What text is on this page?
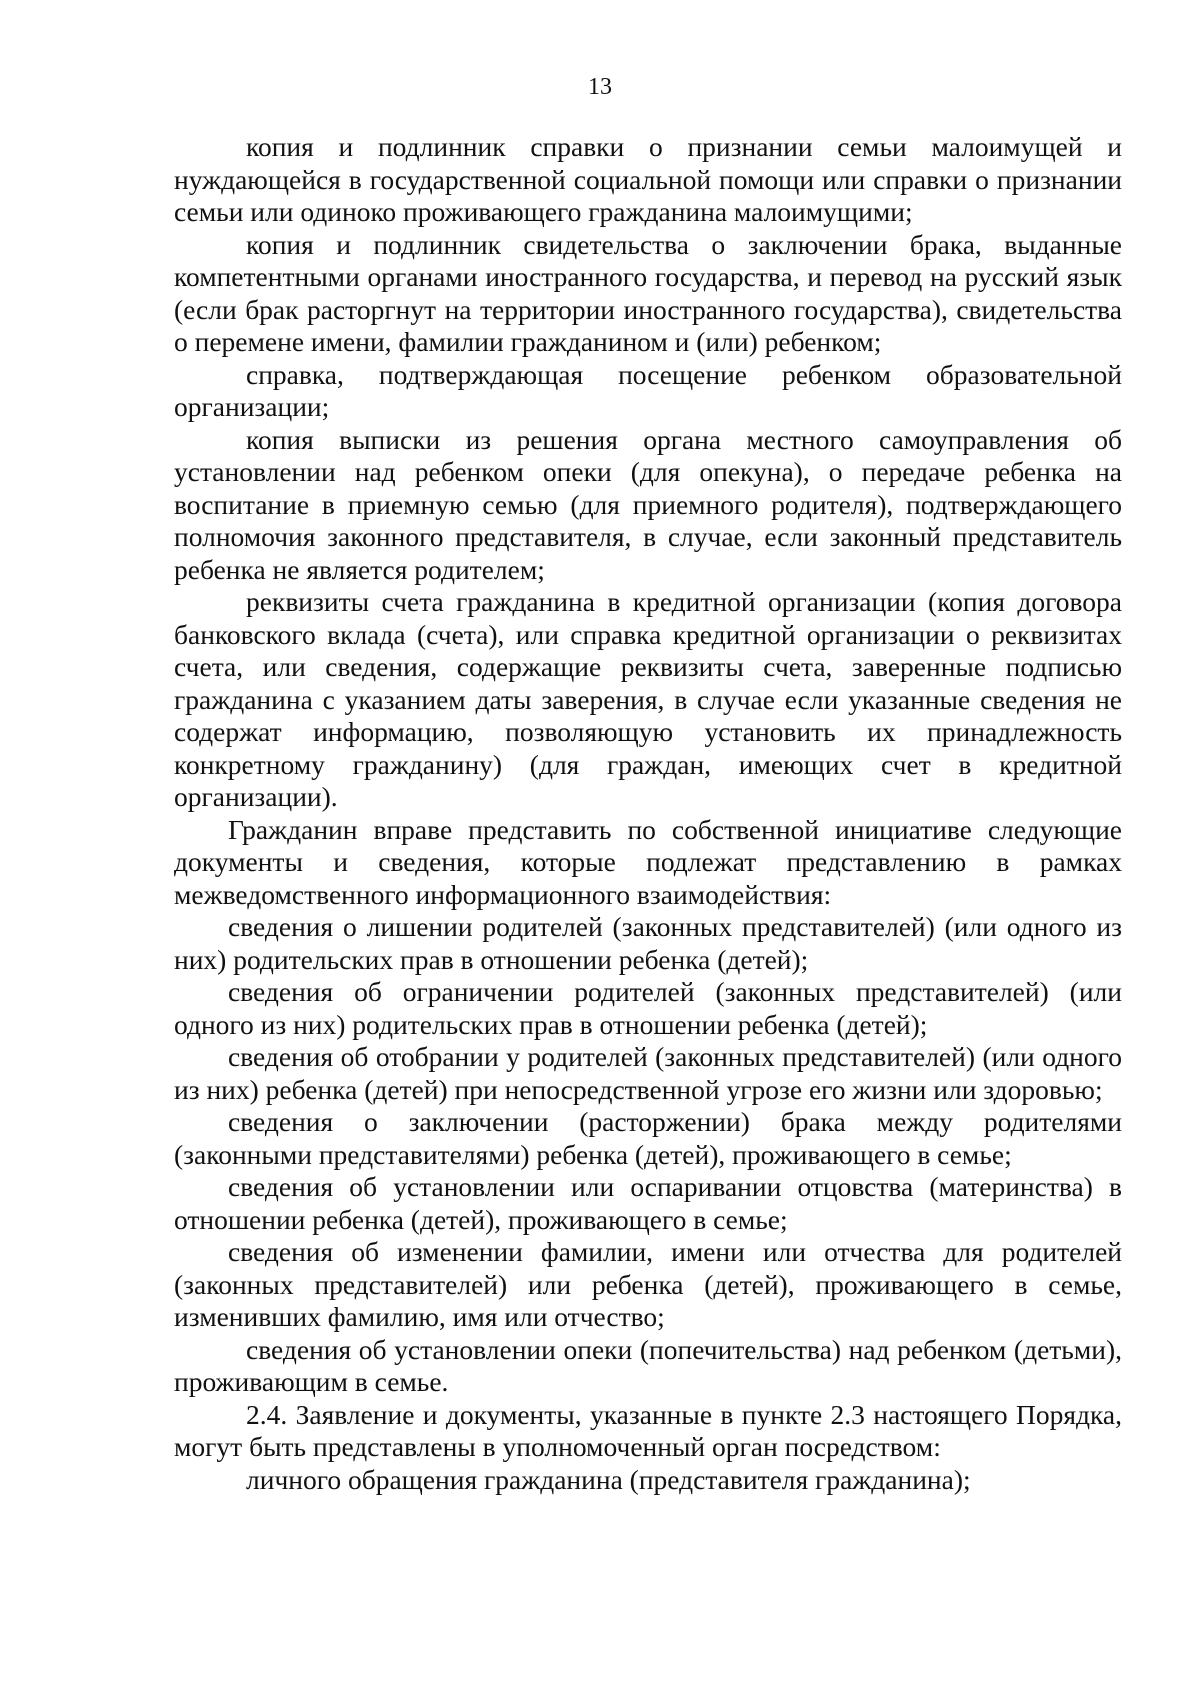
13

копия и подлинник справки о признании семьи малоимущей и нуждающейся в государственной социальной помощи или справки о признании семьи или одиноко проживающего гражданина малоимущими;

копия и подлинник свидетельства о заключении брака, выданные компетентными органами иностранного государства, и перевод на русский язык (если брак расторгнут на территории иностранного государства), свидетельства о перемене имени, фамилии гражданином и (или) ребенком;

справка, подтверждающая посещение ребенком образовательной организации;

копия выписки из решения органа местного самоуправления об установлении над ребенком опеки (для опекуна), о передаче ребенка на воспитание в приемную семью (для приемного родителя), подтверждающего полномочия законного представителя, в случае, если законный представитель ребенка не является родителем;

реквизиты счета гражданина в кредитной организации (копия договора банковского вклада (счета), или справка кредитной организации о реквизитах счета, или сведения, содержащие реквизиты счета, заверенные подписью гражданина с указанием даты заверения, в случае если указанные сведения не содержат информацию, позволяющую установить их принадлежность конкретному гражданину) (для граждан, имеющих счет в кредитной организации).

Гражданин вправе представить по собственной инициативе следующие документы и сведения, которые подлежат представлению в рамках межведомственного информационного взаимодействия:

сведения о лишении родителей (законных представителей) (или одного из них) родительских прав в отношении ребенка (детей);

сведения об ограничении родителей (законных представителей) (или одного из них) родительских прав в отношении ребенка (детей);

сведения об отобрании у родителей (законных представителей) (или одного из них) ребенка (детей) при непосредственной угрозе его жизни или здоровью;

сведения о заключении (расторжении) брака между родителями (законными представителями) ребенка (детей), проживающего в семье;

сведения об установлении или оспаривании отцовства (материнства) в отношении ребенка (детей), проживающего в семье;

сведения об изменении фамилии, имени или отчества для родителей (законных представителей) или ребенка (детей), проживающего в семье, изменивших фамилию, имя или отчество;

сведения об установлении опеки (попечительства) над ребенком (детьми), проживающим в семье.

2.4. Заявление и документы, указанные в пункте 2.3 настоящего Порядка, могут быть представлены в уполномоченный орган посредством:

личного обращения гражданина (представителя гражданина);
